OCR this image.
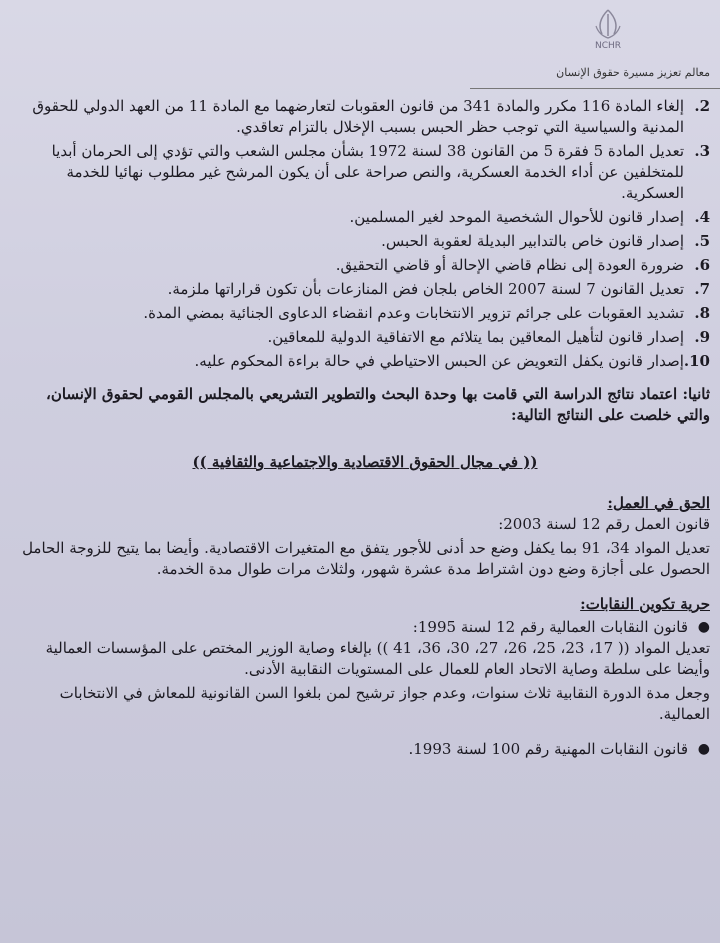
NCHR
معالم تعزيز مسيرة حقوق الإنسان
2.
إلغاء المادة 116 مكرر والمادة 341 من قانون العقوبات لتعارضهما مع المادة 11 من العهد الدولي للحقوق المدنية والسياسية التي توجب حظر الحبس بسبب الإخلال بالتزام تعاقدي.
3.
تعديل المادة 5 فقرة 5 من القانون 38 لسنة 1972 بشأن مجلس الشعب والتي تؤدي إلى الحرمان أبديا للمتخلفين عن أداء الخدمة العسكرية، والنص صراحة على أن يكون المرشح غير مطلوب نهائيا للخدمة العسكرية.
4.
إصدار قانون للأحوال الشخصية الموحد لغير المسلمين.
5.
إصدار قانون خاص بالتدابير البديلة لعقوبة الحبس.
6.
ضرورة العودة إلى نظام قاضي الإحالة أو قاضي التحقيق.
7.
تعديل القانون 7 لسنة 2007 الخاص بلجان فض المنازعات بأن تكون قراراتها ملزمة.
8.
تشديد العقوبات على جرائم تزوير الانتخابات وعدم انقضاء الدعاوى الجنائية بمضي المدة.
9.
إصدار قانون لتأهيل المعاقين بما يتلائم مع الاتفاقية الدولية للمعاقين.
10.
إصدار قانون يكفل التعويض عن الحبس الاحتياطي في حالة براءة المحكوم عليه.
ثانيا: اعتماد نتائج الدراسة التي قامت بها وحدة البحث والتطوير التشريعي بالمجلس القومي لحقوق الإنسان، والتي خلصت على النتائج التالية:
(( في مجال الحقوق الاقتصادية والاجتماعية والثقافية ))
الحق في العمل:
قانون العمل رقم 12 لسنة 2003:
تعديل المواد 34، 91 بما يكفل وضع حد أدنى للأجور يتفق مع المتغيرات الاقتصادية. وأيضا بما يتيح للزوجة الحامل الحصول على أجازة وضع دون اشتراط مدة عشرة شهور، ولثلاث مرات طوال مدة الخدمة.
حرية تكوين النقابات:
●
قانون النقابات العمالية رقم 12 لسنة 1995:
تعديل المواد (( 17، 23، 25، 26، 27، 30، 36، 41 )) بإلغاء وصاية الوزير المختص على المؤسسات العمالية وأيضا على سلطة وصاية الاتحاد العام للعمال على المستويات النقابية الأدنى.
وجعل مدة الدورة النقابية ثلاث سنوات، وعدم جواز ترشيح لمن بلغوا السن القانونية للمعاش في الانتخابات العمالية.
●
قانون النقابات المهنية رقم 100 لسنة 1993.
